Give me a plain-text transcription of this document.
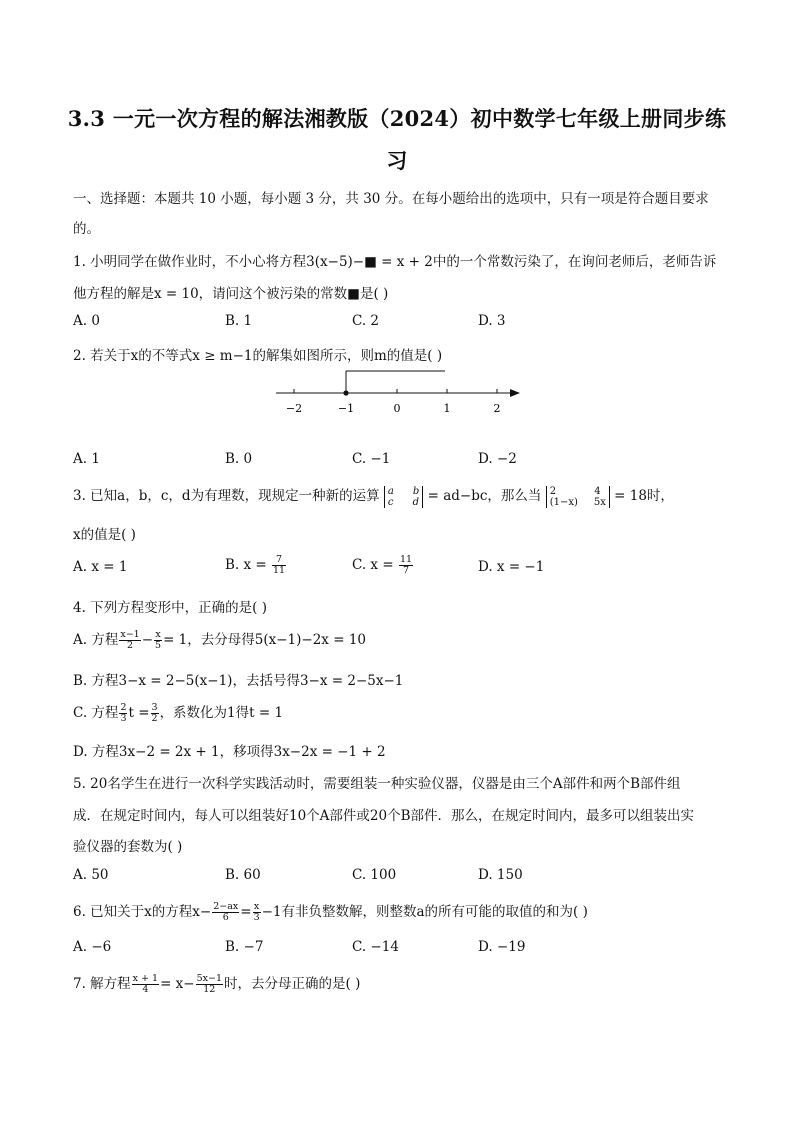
3.3 一元一次方程的解法湘教版（2024）初中数学七年级上册同步练
习
一、选择题：本题共 10 小题，每小题 3 分，共 30 分。在每小题给出的选项中，只有一项是符合题目要求
的。
1. 小明同学在做作业时，不小心将方程3(x−5)−■ = x + 2中的一个常数污染了，在询问老师后，老师告诉
他方程的解是x = 10，请问这个被污染的常数■是( )
A. 0	B. 1	C. 2	D. 3
2. 若关于x的不等式x ≥ m−1的解集如图所示，则m的值是( )
−2	−1	0	1	2
A. 1	B. 0	C. −1	D. −2
3. 已知a，b，c，d为有理数，现规定一种新的运算 a b
c d = ad−bc，那么当 2	4
(1−x) 5x = 18时，
x的值是( )
A. x = 1	B. $x = \frac{7}{11}$	C. $x = \frac{11}{7}$	D. x = −1
4. 下列方程变形中，正确的是( )
A. 方程 $\frac{x-1}{2} - \frac{x}{5} = 1$，去分母得5(x−1)−2x = 10
B. 方程3−x = 2−5(x−1)，去括号得3−x = 2−5x−1
C. 方程 $\frac{2}{3}$ $t = \frac{3}{2}$ ，系数化为1得t = 1
D. 方程3x−2 = 2x + 1，移项得3x−2x = −1 + 2
5. 20名学生在进行一次科学实践活动时，需要组装一种实验仪器，仪器是由三个A部件和两个B部件组
成．在规定时间内，每人可以组装好10个A部件或20个B部件．那么，在规定时间内，最多可以组装出实
验仪器的套数为( )
A. 50	B. 60	C. 100	D. 150
6. 已知关于x的方程$x- \frac{2-ax}{6} = \frac{x}{3} -1$有非负整数解，则整数a的所有可能的取值的和为( )
A. −6	B. −7	C. −14	D. −19
7. 解方程 $\frac{x + 1}{4} = x- \frac{5x-1}{12}$ 时，去分母正确的是( )
